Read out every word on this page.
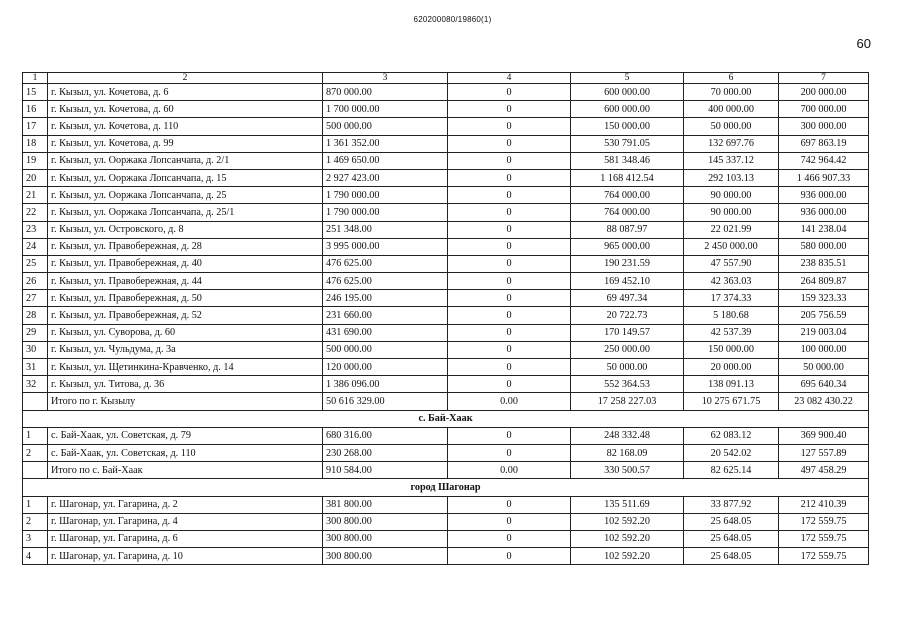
620200080/19860(1)
60
1	2	3	4	5	6	7
15	г. Кызыл, ул. Кочетова, д. 6	870 000.00	0	600 000.00	70 000.00	200 000.00
16	г. Кызыл, ул. Кочетова, д. 60	1 700 000.00	0	600 000.00	400 000.00	700 000.00
17	г. Кызыл, ул. Кочетова, д. 110	500 000.00	0	150 000.00	50 000.00	300 000.00
18	г. Кызыл, ул. Кочетова, д. 99	1 361 352.00	0	530 791.05	132 697.76	697 863.19
19	г. Кызыл, ул. Ооржака Лопсанчапа, д. 2/1	1 469 650.00	0	581 348.46	145 337.12	742 964.42
20	г. Кызыл, ул. Ооржака Лопсанчапа, д. 15	2 927 423.00	0	1 168 412.54	292 103.13	1 466 907.33
21	г. Кызыл, ул. Ооржака Лопсанчапа, д. 25	1 790 000.00	0	764 000.00	90 000.00	936 000.00
22	г. Кызыл, ул. Ооржака Лопсанчапа, д. 25/1	1 790 000.00	0	764 000.00	90 000.00	936 000.00
23	г. Кызыл, ул. Островского, д. 8	251 348.00	0	88 087.97	22 021.99	141 238.04
24	г. Кызыл, ул. Правобережная, д. 28	3 995 000.00	0	965 000.00	2 450 000.00	580 000.00
25	г. Кызыл, ул. Правобережная, д. 40	476 625.00	0	190 231.59	47 557.90	238 835.51
26	г. Кызыл, ул. Правобережная, д. 44	476 625.00	0	169 452.10	42 363.03	264 809.87
27	г. Кызыл, ул. Правобережная, д. 50	246 195.00	0	69 497.34	17 374.33	159 323.33
28	г. Кызыл, ул. Правобережная, д. 52	231 660.00	0	20 722.73	5 180.68	205 756.59
29	г. Кызыл, ул. Суворова, д. 60	431 690.00	0	170 149.57	42 537.39	219 003.04
30	г. Кызыл, ул. Чульдума, д. 3а	500 000.00	0	250 000.00	150 000.00	100 000.00
31	г. Кызыл, ул. Щетинкина-Кравченко, д. 14	120 000.00	0	50 000.00	20 000.00	50 000.00
32	г. Кызыл, ул. Титова, д. 36	1 386 096.00	0	552 364.53	138 091.13	695 640.34
	Итого по г. Кызылу	50 616 329.00	0.00	17 258 227.03	10 275 671.75	23 082 430.22
с. Бай-Хаак						
1	с. Бай-Хаак, ул. Советская, д. 79	680 316.00	0	248 332.48	62 083.12	369 900.40
2	с. Бай-Хаак, ул. Советская, д. 110	230 268.00	0	82 168.09	20 542.02	127 557.89
	Итого по с. Бай-Хаак	910 584.00	0.00	330 500.57	82 625.14	497 458.29
город Шагонар						
1	г. Шагонар, ул. Гагарина, д. 2	381 800.00	0	135 511.69	33 877.92	212 410.39
2	г. Шагонар, ул. Гагарина, д. 4	300 800.00	0	102 592.20	25 648.05	172 559.75
3	г. Шагонар, ул. Гагарина, д. 6	300 800.00	0	102 592.20	25 648.05	172 559.75
4	г. Шагонар, ул. Гагарина, д. 10	300 800.00	0	102 592.20	25 648.05	172 559.75
